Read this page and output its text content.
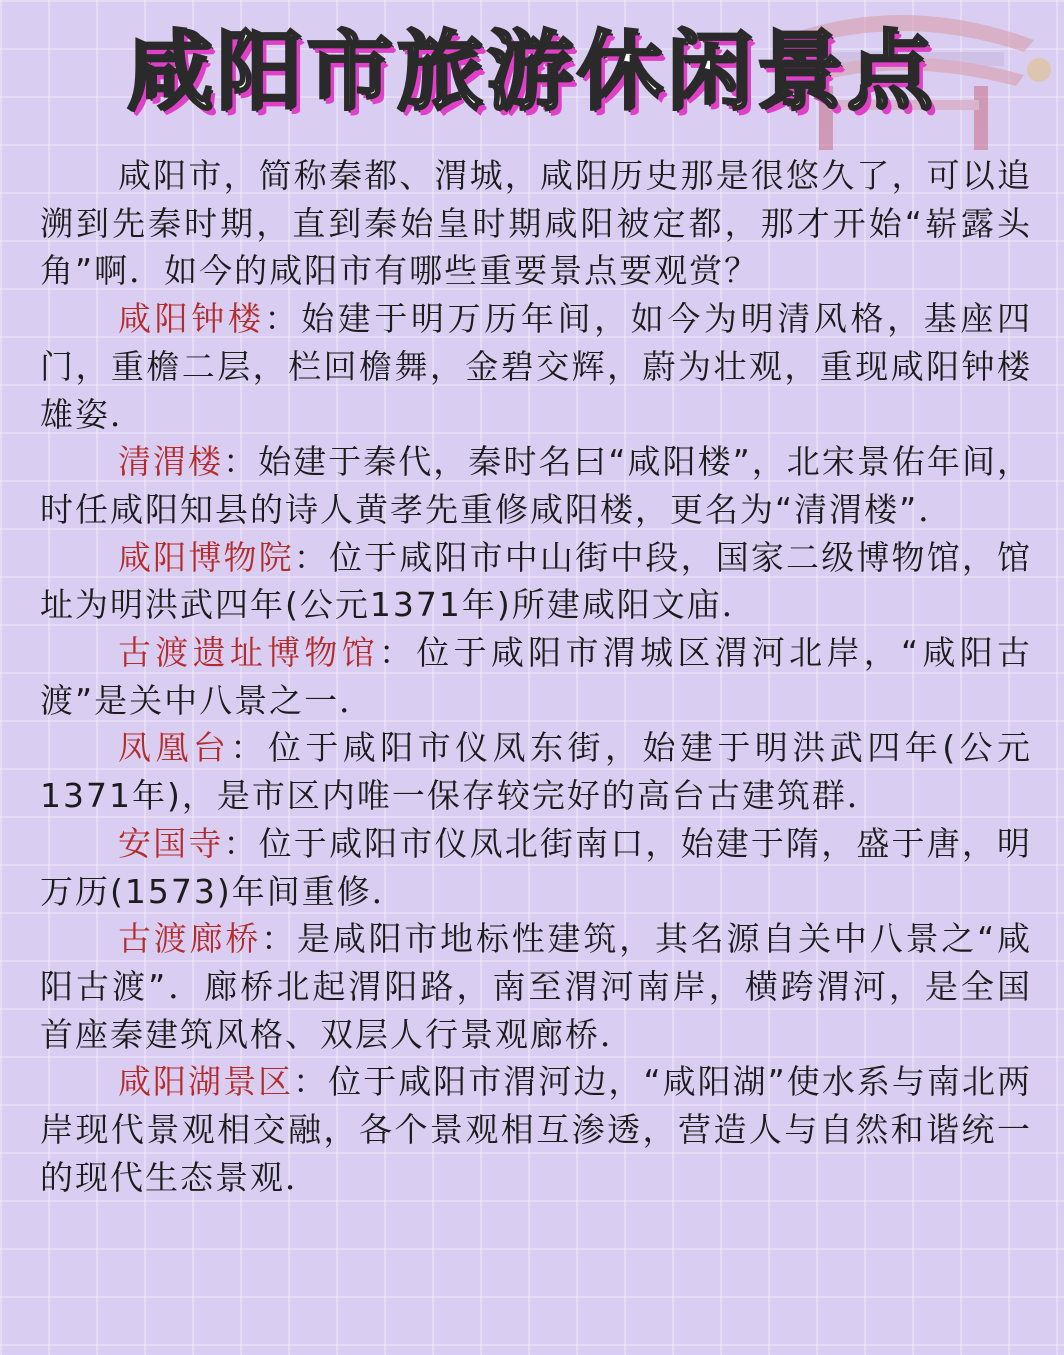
咸阳市旅游休闲景点

咸阳市，简称秦都、渭城，咸阳历史那是很悠久了，可以追溯到先秦时期，直到秦始皇时期咸阳被定都，那才开始“崭露头角”啊．如今的咸阳市有哪些重要景点要观赏？

咸阳钟楼：始建于明万历年间，如今为明清风格，基座四门，重檐二层，栏回檐舞，金碧交辉，蔚为壮观，重现咸阳钟楼雄姿．

清渭楼：始建于秦代，秦时名曰“咸阳楼”，北宋景佑年间，时任咸阳知县的诗人黄孝先重修咸阳楼，更名为“清渭楼”．

咸阳博物院：位于咸阳市中山街中段，国家二级博物馆，馆址为明洪武四年(公元1371年)所建咸阳文庙．

古渡遗址博物馆：位于咸阳市渭城区渭河北岸，“咸阳古渡”是关中八景之一．

凤凰台：位于咸阳市仪凤东街，始建于明洪武四年(公元1371年)，是市区内唯一保存较完好的高台古建筑群．

安国寺：位于咸阳市仪凤北街南口，始建于隋，盛于唐，明万历(1573)年间重修．

古渡廊桥：是咸阳市地标性建筑，其名源自关中八景之“咸阳古渡”．廊桥北起渭阳路，南至渭河南岸，横跨渭河，是全国首座秦建筑风格、双层人行景观廊桥．

咸阳湖景区：位于咸阳市渭河边，“咸阳湖”使水系与南北两岸现代景观相交融，各个景观相互渗透，营造人与自然和谐统一的现代生态景观．
